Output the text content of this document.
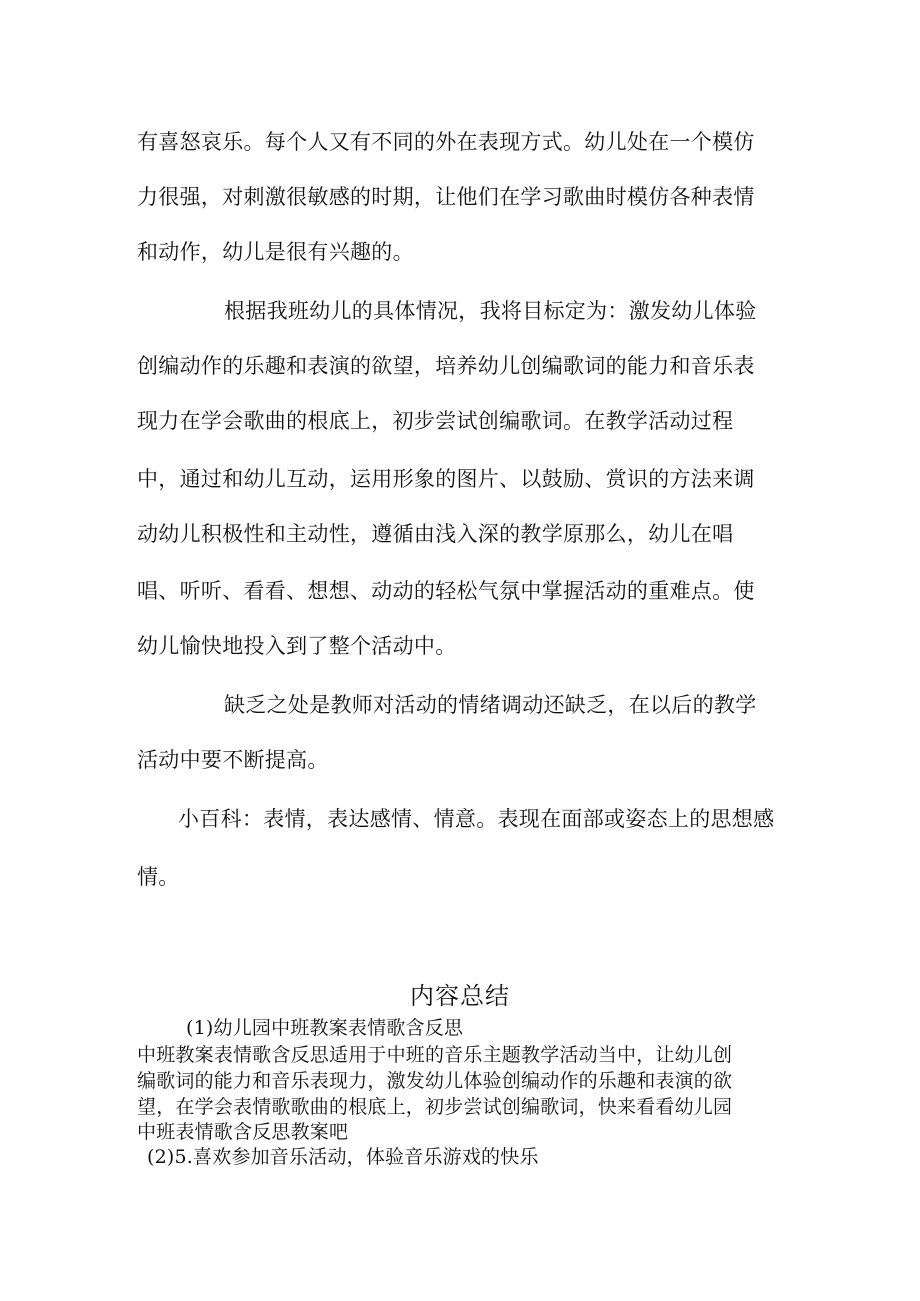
有喜怒哀乐。每个人又有不同的外在表现方式。幼儿处在一个模仿
力很强，对刺激很敏感的时期，让他们在学习歌曲时模仿各种表情
和动作，幼儿是很有兴趣的。
根据我班幼儿的具体情况，我将目标定为：激发幼儿体验
创编动作的乐趣和表演的欲望，培养幼儿创编歌词的能力和音乐表
现力在学会歌曲的根底上，初步尝试创编歌词。在教学活动过程
中，通过和幼儿互动，运用形象的图片、以鼓励、赏识的方法来调
动幼儿积极性和主动性，遵循由浅入深的教学原那么，幼儿在唱
唱、听听、看看、想想、动动的轻松气氛中掌握活动的重难点。使
幼儿愉快地投入到了整个活动中。
缺乏之处是教师对活动的情绪调动还缺乏，在以后的教学
活动中要不断提高。
小百科：表情，表达感情、情意。表现在面部或姿态上的思想感
情。
内容总结
(1)幼儿园中班教案表情歌含反思
中班教案表情歌含反思适用于中班的音乐主题教学活动当中，让幼儿创
编歌词的能力和音乐表现力，激发幼儿体验创编动作的乐趣和表演的欲
望，在学会表情歌歌曲的根底上，初步尝试创编歌词，快来看看幼儿园
中班表情歌含反思教案吧
(2)5.喜欢参加音乐活动，体验音乐游戏的快乐
